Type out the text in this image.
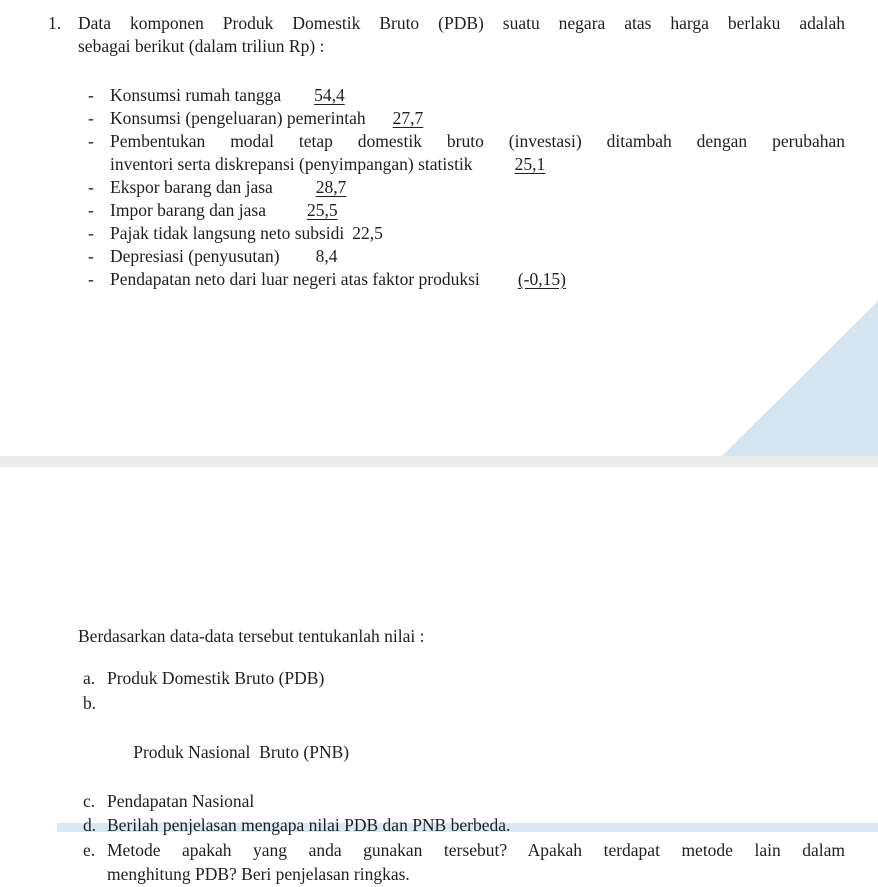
1. Data komponen Produk Domestik Bruto (PDB) suatu negara atas harga berlaku adalah
sebagai berikut (dalam triliun Rp) :
- Konsumsi rumah tangga 54,4
- Konsumsi (pengeluaran) pemerintah 27,7
- Pembentukan modal tetap domestik bruto (investasi) ditambah dengan perubahan
inventori serta diskrepansi (penyimpangan) statistik 25,1
- Ekspor barang dan jasa 28,7
- Impor barang dan jasa 25,5
- Pajak tidak langsung neto subsidi 22,5
- Depresiasi (penyusutan) 8,4
- Pendapatan neto dari luar negeri atas faktor produksi (-0,15)
Berdasarkan data-data tersebut tentukanlah nilai :
a. Produk Domestik Bruto (PDB)

b.

Produk Nasional  Bruto (PNB)

c. Pendapatan Nasional
d. Berilah penjelasan mengapa nilai PDB dan PNB berbeda.
e. Metode apakah yang anda gunakan tersebut? Apakah terdapat metode lain dalam
menghitung PDB? Beri penjelasan ringkas.
